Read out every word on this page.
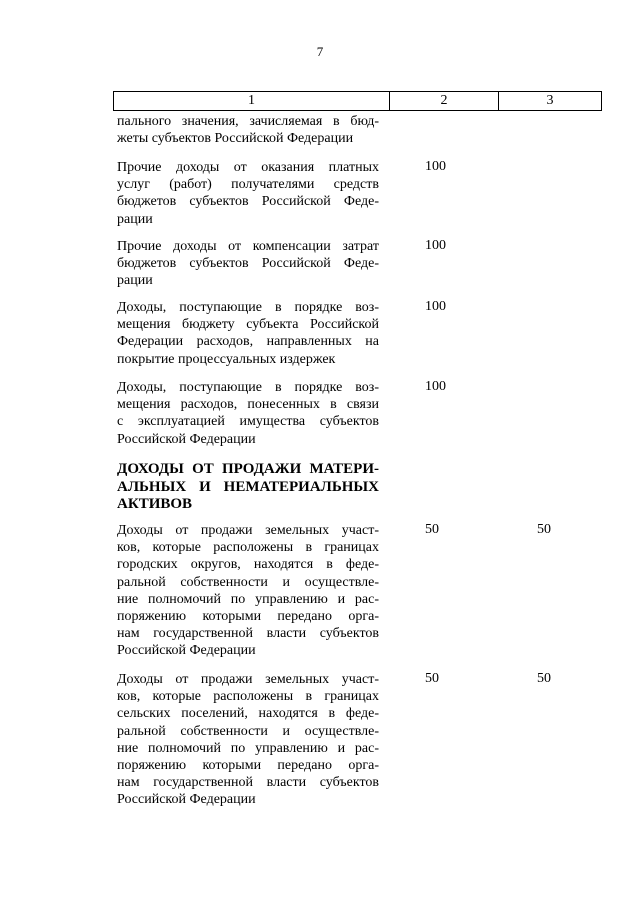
7
1	2	3
пального значения, зачисляемая в бюд-
жеты субъектов Российской Федерации
Прочие доходы от оказания платных
услуг (работ) получателями средств
бюджетов субъектов Российской Феде-
рации
100
Прочие доходы от компенсации затрат
бюджетов субъектов Российской Феде-
рации
100
Доходы, поступающие в порядке воз-
мещения бюджету субъекта Российской
Федерации расходов, направленных на
покрытие процессуальных издержек
100
Доходы, поступающие в порядке воз-
мещения расходов, понесенных в связи
с эксплуатацией имущества субъектов
Российской Федерации
100
ДОХОДЫ ОТ ПРОДАЖИ МАТЕРИ-
АЛЬНЫХ И НЕМАТЕРИАЛЬНЫХ
АКТИВОВ
Доходы от продажи земельных участ-
ков, которые расположены в границах
городских округов, находятся в феде-
ральной собственности и осуществле-
ние полномочий по управлению и рас-
поряжению которыми передано орга-
нам государственной власти субъектов
Российской Федерации
50	50
Доходы от продажи земельных участ-
ков, которые расположены в границах
сельских поселений, находятся в феде-
ральной собственности и осуществле-
ние полномочий по управлению и рас-
поряжению которыми передано орга-
нам государственной власти субъектов
Российской Федерации
50	50
